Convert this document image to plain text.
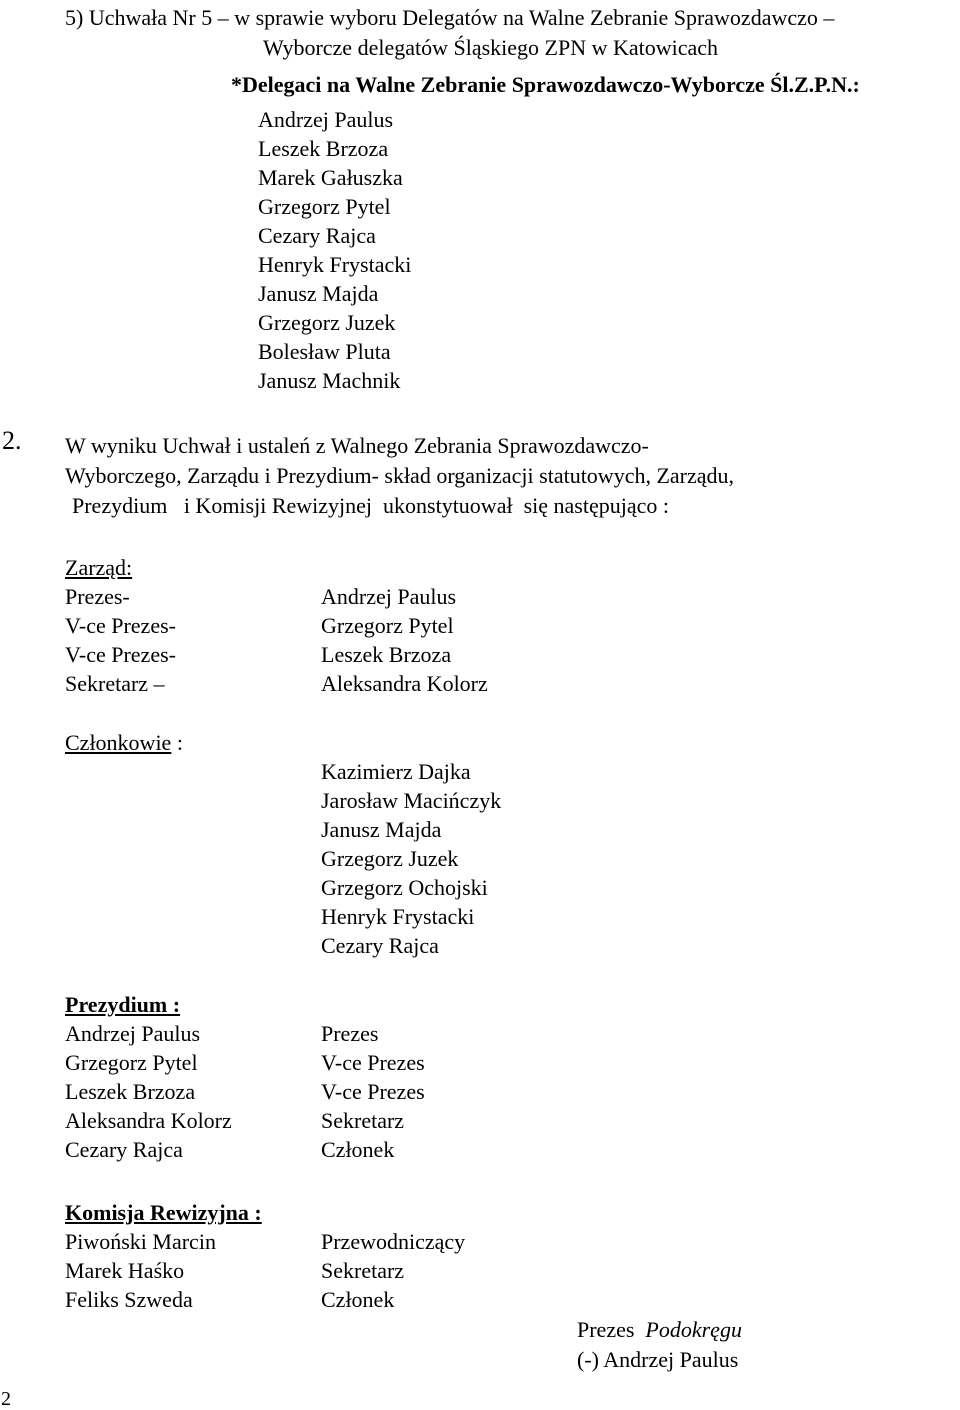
5) Uchwała Nr 5 – w sprawie wyboru Delegatów na Walne Zebranie Sprawozdawczo –
Wyborcze delegatów Śląskiego ZPN w Katowicach
*Delegaci na Walne Zebranie Sprawozdawczo-Wyborcze Śl.Z.P.N.:
Andrzej Paulus
Leszek Brzoza
Marek Gałuszka
Grzegorz Pytel
Cezary Rajca
Henryk Frystacki
Janusz Majda
Grzegorz Juzek
Bolesław Pluta
Janusz Machnik
2. W wyniku Uchwał i ustaleń z Walnego Zebrania Sprawozdawczo-
Wyborczego, Zarządu i Prezydium- skład organizacji statutowych, Zarządu,
Prezydium   i Komisji Rewizyjnej  ukonstytuował  się następująco :
Zarząd:
Prezes-
V-ce Prezes-
V-ce Prezes-
Sekretarz –
Andrzej Paulus
Grzegorz Pytel
Leszek Brzoza
Aleksandra Kolorz
Członkowie :
Kazimierz Dajka
Jarosław Macińczyk
Janusz Majda
Grzegorz Juzek
Grzegorz Ochojski
Henryk Frystacki
Cezary Rajca
Prezydium :
Andrzej Paulus
Grzegorz Pytel
Leszek Brzoza
Aleksandra Kolorz
Cezary Rajca
Prezes
V-ce Prezes
V-ce Prezes
Sekretarz
Członek
Komisja Rewizyjna :
Piwoński Marcin
Marek Haśko
Feliks Szweda
Przewodniczący
Sekretarz
Członek
Prezes Podokręgu
(-) Andrzej Paulus
2
